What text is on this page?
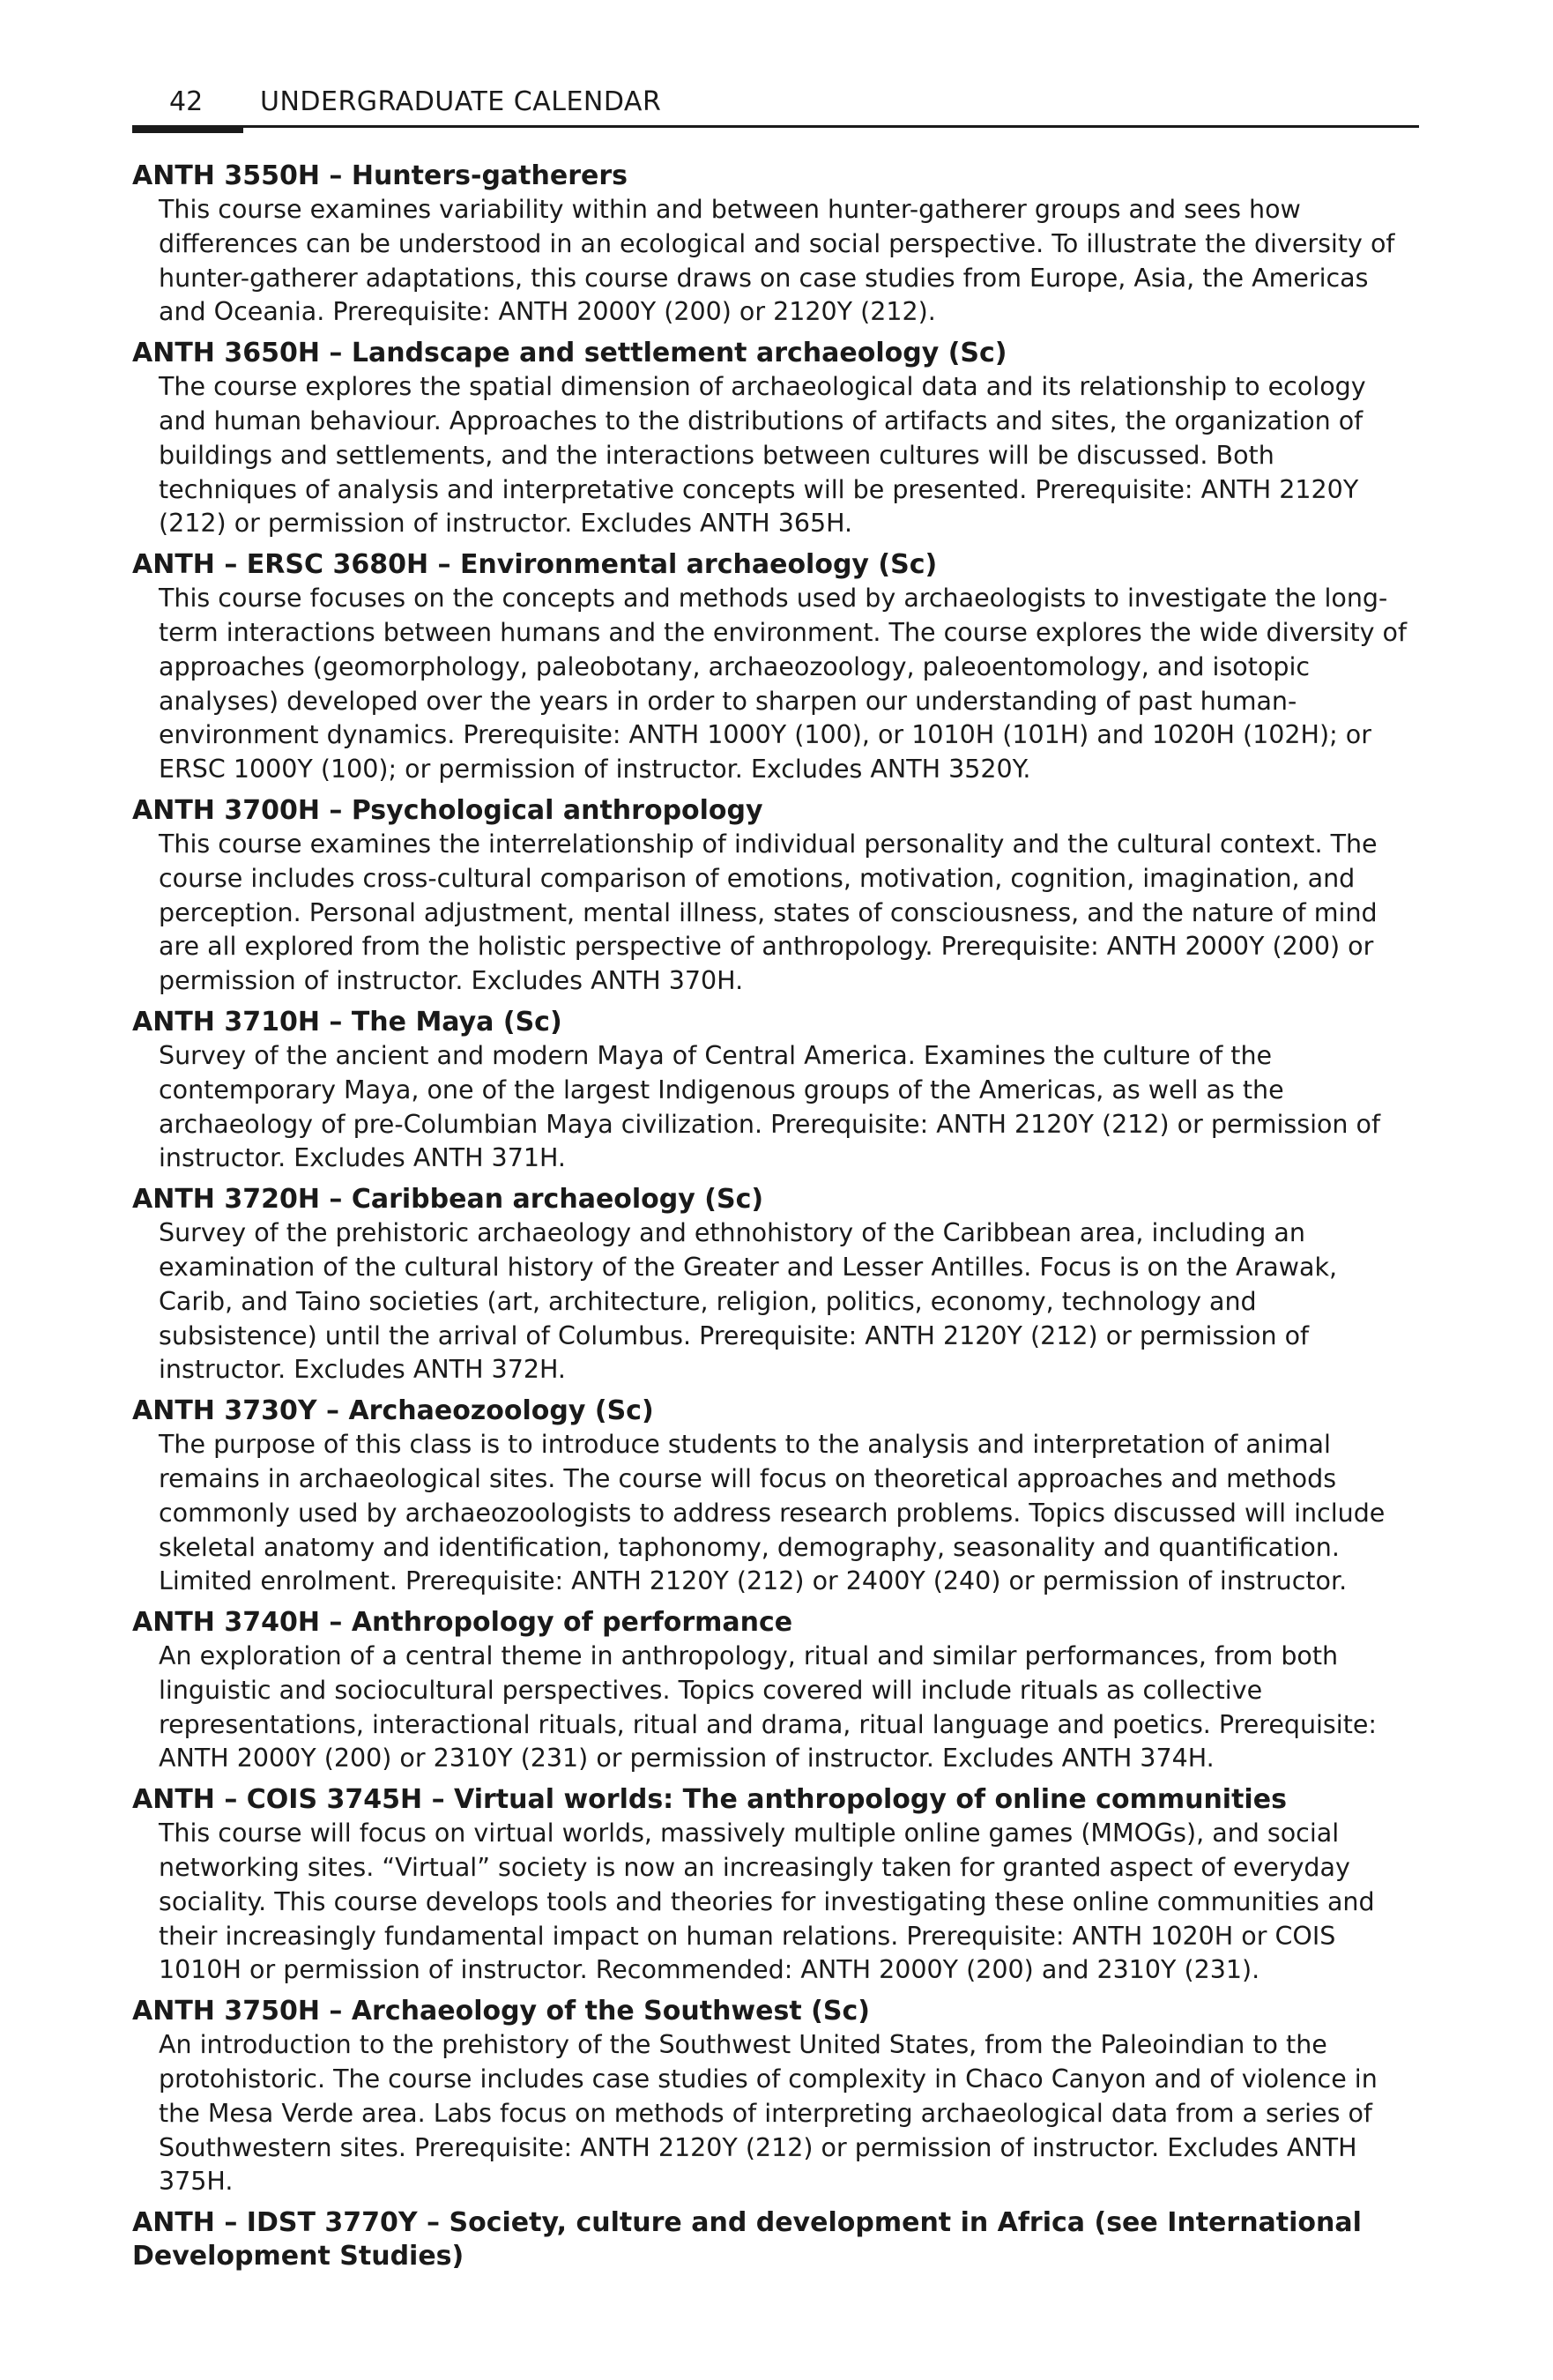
42 UNDERGRADUATE CALENDAR
ANTH 3550H – Hunters-gatherers
This course examines variability within and between hunter-gatherer groups and sees how differences can be understood in an ecological and social perspective. To illustrate the diversity of hunter-gatherer adaptations, this course draws on case studies from Europe, Asia, the Americas and Oceania. Prerequisite: ANTH 2000Y (200) or 2120Y (212).
ANTH 3650H – Landscape and settlement archaeology (Sc)
The course explores the spatial dimension of archaeological data and its relationship to ecology and human behaviour. Approaches to the distributions of artifacts and sites, the organization of buildings and settlements, and the interactions between cultures will be discussed. Both techniques of analysis and interpretative concepts will be presented. Prerequisite: ANTH 2120Y (212) or permission of instructor. Excludes ANTH 365H.
ANTH – ERSC 3680H – Environmental archaeology (Sc)
This course focuses on the concepts and methods used by archaeologists to investigate the long-term interactions between humans and the environment. The course explores the wide diversity of approaches (geomorphology, paleobotany, archaeozoology, paleoentomology, and isotopic analyses) developed over the years in order to sharpen our understanding of past human-environment dynamics. Prerequisite: ANTH 1000Y (100), or 1010H (101H) and 1020H (102H); or ERSC 1000Y (100); or permission of instructor. Excludes ANTH 3520Y.
ANTH 3700H – Psychological anthropology
This course examines the interrelationship of individual personality and the cultural context. The course includes cross-cultural comparison of emotions, motivation, cognition, imagination, and perception. Personal adjustment, mental illness, states of consciousness, and the nature of mind are all explored from the holistic perspective of anthropology. Prerequisite: ANTH 2000Y (200) or permission of instructor. Excludes ANTH 370H.
ANTH 3710H – The Maya (Sc)
Survey of the ancient and modern Maya of Central America. Examines the culture of the contemporary Maya, one of the largest Indigenous groups of the Americas, as well as the archaeology of pre-Columbian Maya civilization. Prerequisite: ANTH 2120Y (212) or permission of instructor. Excludes ANTH 371H.
ANTH 3720H – Caribbean archaeology (Sc)
Survey of the prehistoric archaeology and ethnohistory of the Caribbean area, including an examination of the cultural history of the Greater and Lesser Antilles. Focus is on the Arawak, Carib, and Taino societies (art, architecture, religion, politics, economy, technology and subsistence) until the arrival of Columbus. Prerequisite: ANTH 2120Y (212) or permission of instructor. Excludes ANTH 372H.
ANTH 3730Y – Archaeozoology (Sc)
The purpose of this class is to introduce students to the analysis and interpretation of animal remains in archaeological sites. The course will focus on theoretical approaches and methods commonly used by archaeozoologists to address research problems. Topics discussed will include skeletal anatomy and identification, taphonomy, demography, seasonality and quantification. Limited enrolment. Prerequisite: ANTH 2120Y (212) or 2400Y (240) or permission of instructor.
ANTH 3740H – Anthropology of performance
An exploration of a central theme in anthropology, ritual and similar performances, from both linguistic and sociocultural perspectives. Topics covered will include rituals as collective representations, interactional rituals, ritual and drama, ritual language and poetics. Prerequisite: ANTH 2000Y (200) or 2310Y (231) or permission of instructor. Excludes ANTH 374H.
ANTH – COIS 3745H – Virtual worlds: The anthropology of online communities
This course will focus on virtual worlds, massively multiple online games (MMOGs), and social networking sites. “Virtual” society is now an increasingly taken for granted aspect of everyday sociality. This course develops tools and theories for investigating these online communities and their increasingly fundamental impact on human relations. Prerequisite: ANTH 1020H or COIS 1010H or permission of instructor. Recommended: ANTH 2000Y (200) and 2310Y (231).
ANTH 3750H – Archaeology of the Southwest (Sc)
An introduction to the prehistory of the Southwest United States, from the Paleoindian to the protohistoric. The course includes case studies of complexity in Chaco Canyon and of violence in the Mesa Verde area. Labs focus on methods of interpreting archaeological data from a series of Southwestern sites. Prerequisite: ANTH 2120Y (212) or permission of instructor. Excludes ANTH 375H.
ANTH – IDST 3770Y – Society, culture and development in Africa (see International Development Studies)
